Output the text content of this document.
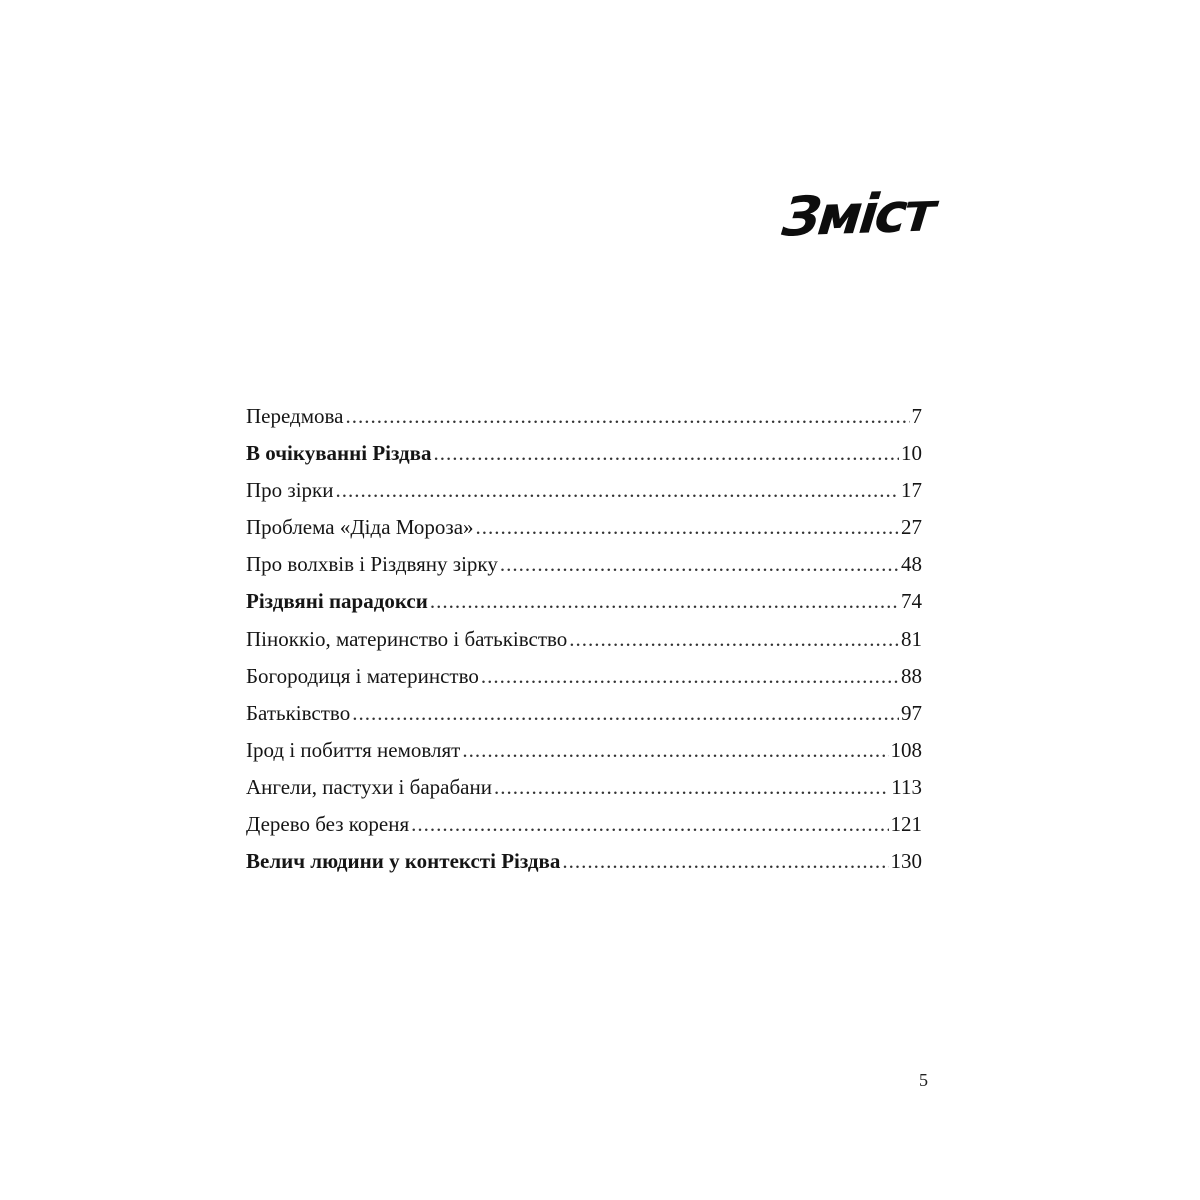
Зміст
Передмова .....	7
В очікуванні Різдва .....	10
Про зірки .....	17
Проблема «Діда Мороза» .....	27
Про волхвів і Різдвяну зірку .....	48
Різдвяні парадокси .....	74
Піноккіо, материнство і батьківство .....	81
Богородиця і материнство .....	88
Батьківство .....	97
Ірод і побиття немовлят .....	108
Ангели, пастухи і барабани .....	113
Дерево без кореня .....	121
Велич людини у контексті Різдва .....	130
5
